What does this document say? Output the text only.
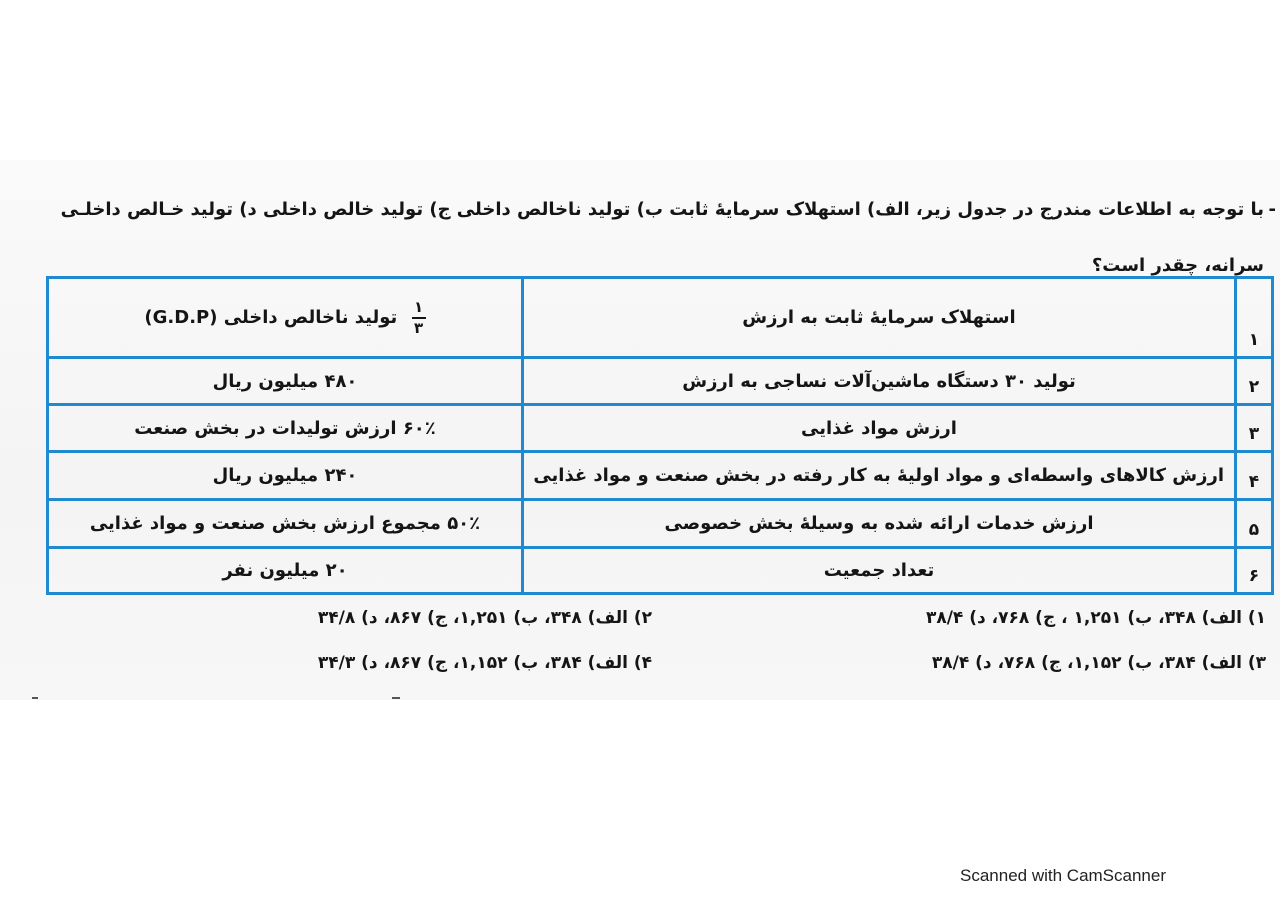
-
با توجه به اطلاعات مندرج در جدول زیر، الف) استهلاک سرمایهٔ ثابت ب) تولید ناخالص داخلی ج) تولید خالص داخلی د) تولید خـالص داخلـی
سرانه، چقدر است؟
۱	استهلاک سرمایهٔ ثابت به ارزش	$\frac{۱}{۳}$
تولید ناخالص داخلی (G.D.P)
۲	تولید ۳۰ دستگاه ماشین‌آلات نساجی به ارزش	۴۸۰ میلیون ریال
۳	ارزش مواد غذایی	۶۰٪ ارزش تولیدات در بخش صنعت
۴	ارزش کالاهای واسطه‌ای و مواد اولیهٔ به کار رفته در بخش صنعت و مواد غذایی	۲۴۰ میلیون ریال
۵	ارزش خدمات ارائه شده به وسیلهٔ بخش خصوصی	۵۰٪ مجموع ارزش بخش صنعت و مواد غذایی
۶	تعداد جمعیت	۲۰ میلیون نفر
۱) الف) ۳۴۸، ب) ۱,۲۵۱ ، ج) ۷۶۸، د) ۳۸/۴
۲) الف) ۳۴۸، ب) ۱,۲۵۱، ج) ۸۶۷، د) ۳۴/۸
۳) الف) ۳۸۴، ب) ۱,۱۵۲، ج) ۷۶۸، د) ۳۸/۴
۴) الف) ۳۸۴، ب) ۱,۱۵۲، ج) ۸۶۷، د) ۳۴/۳
Scanned with CamScanner
